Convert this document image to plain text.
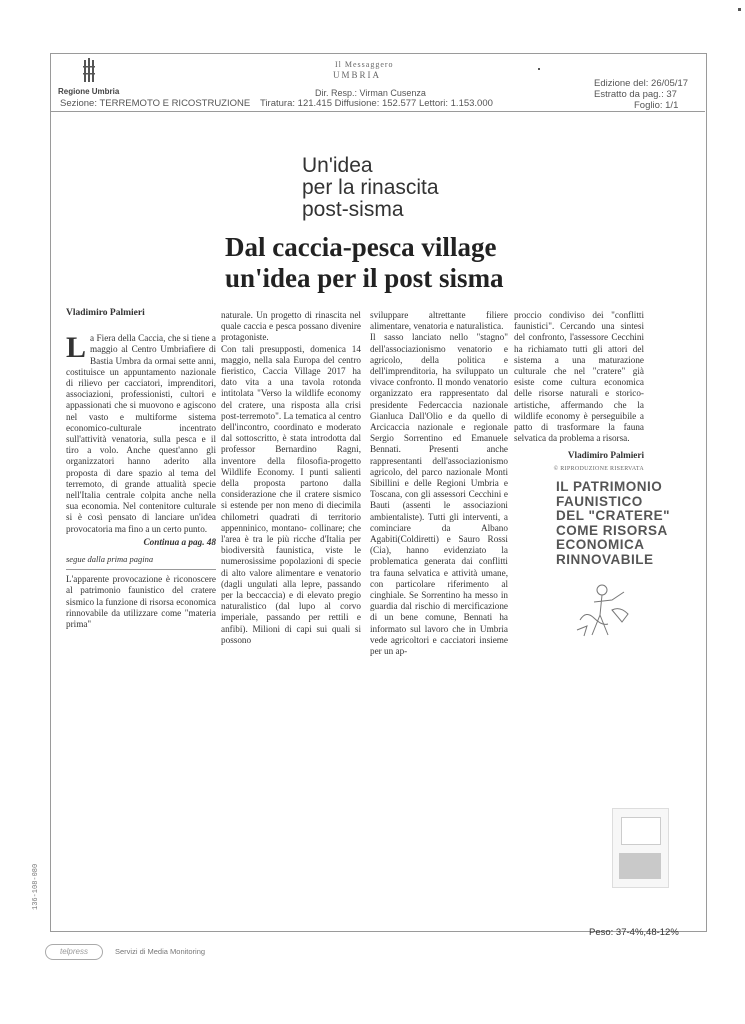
Regione Umbria
Sezione: TERREMOTO E RICOSTRUZIONE
Il Messaggero
UMBRIA
Dir. Resp.: Virman Cusenza
Tiratura: 121.415 Diffusione: 152.577 Lettori: 1.153.000
Edizione del: 26/05/17
Estratto da pag.: 37
Foglio: 1/1
Un'idea
per la rinascita
post-sisma
Dal caccia-pesca village
un'idea per il post sisma

Vladimiro Palmieri

La Fiera della Caccia, che si tiene a maggio al Centro Umbriafiere di Bastia Umbra da ormai sette anni, costituisce un appuntamento nazionale di rilievo per cacciatori, imprenditori, associazioni, professionisti, cultori e appassionati che si muovono e agiscono nel vasto e multiforme sistema economico-culturale incentrato sull'attività venatoria, sulla pesca e il tiro a volo. Anche quest'anno gli organizzatori hanno aderito alla proposta di dare spazio al tema del terremoto, di grande attualità specie nell'Italia centrale colpita anche nella sua economia. Nel contenitore culturale si è così pensato di lanciare un'idea provocatoria ma fino a un certo punto.

Continua a pag. 48

segue dalla prima pagina

L'apparente provocazione è riconoscere al patrimonio faunistico del cratere sismico la funzione di risorsa economica rinnovabile da utilizzare come "materia prima"

naturale. Un progetto di rinascita nel quale caccia e pesca possano divenire protagoniste.

Con tali presupposti, domenica 14 maggio, nella sala Europa del centro fieristico, Caccia Village 2017 ha dato vita a una tavola rotonda intitolata "Verso la wildlife economy del cratere, una risposta alla crisi post-terremoto". La tematica al centro dell'incontro, coordinato e moderato dal sottoscritto, è stata introdotta dal professor Bernardino Ragni, inventore della filosofia-progetto Wildlife Economy. I punti salienti della proposta partono dalla considerazione che il cratere sismico si estende per non meno di diecimila chilometri quadrati di territorio appenninico, montano- collinare; che l'area è tra le più ricche d'Italia per biodiversità faunistica, viste le numerosissime popolazioni di specie di alto valore alimentare e venatorio (dagli ungulati alla lepre, passando per la beccaccia) e di elevato pregio naturalistico (dal lupo al corvo imperiale, passando per rettili e anfibi). Milioni di capi sui quali si possono

sviluppare altrettante filiere alimentare, venatoria e naturalistica.

Il sasso lanciato nello "stagno" dell'associazionismo venatorio e agricolo, della politica e dell'imprenditoria, ha sviluppato un vivace confronto. Il mondo venatorio organizzato era rappresentato dal presidente Federcaccia nazionale Gianluca Dall'Olio e da quello di Arcicaccia nazionale e regionale Sergio Sorrentino ed Emanuele Bennati. Presenti anche rappresentanti dell'associazionismo agricolo, del parco nazionale Monti Sibillini e delle Regioni Umbria e Toscana, con gli assessori Cecchini e Bauti (assenti le associazioni ambientaliste). Tutti gli interventi, a cominciare da Albano Agabiti(Coldiretti) e Sauro Rossi (Cia), hanno evidenziato la problematica generata dai conflitti tra fauna selvatica e attività umane, con particolare riferimento al cinghiale. Se Sorrentino ha messo in guardia dal rischio di mercificazione di un bene comune, Bennati ha informato sul lavoro che in Umbria vede agricoltori e cacciatori insieme per un ap-

proccio condiviso dei "conflitti faunistici". Cercando una sintesi del confronto, l'assessore Cecchini ha richiamato tutti gli attori del sistema a una maturazione culturale che nel "cratere" già esiste come cultura economica delle risorse naturali e storico-artistiche, affermando che la wildlife economy è perseguibile a patto di trasformare la fauna selvatica da problema a risorsa.

Vladimiro Palmieri

© RIPRODUZIONE RISERVATA

IL PATRIMONIO
FAUNISTICO
DEL "CRATERE"
COME RISORSA
ECONOMICA
RINNOVABILE
Peso: 37-4%,48-12%
telpress	Servizi di Media Monitoring
136-108-080
